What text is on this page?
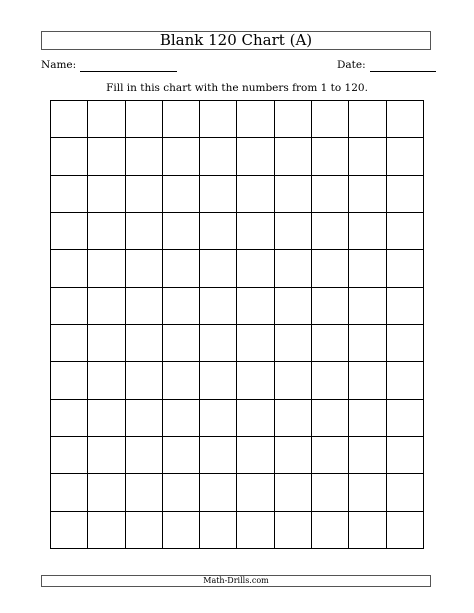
Blank 120 Chart (A)
Name:	Date:
Fill in this chart with the numbers from 1 to 120.
Math-Drills.com
